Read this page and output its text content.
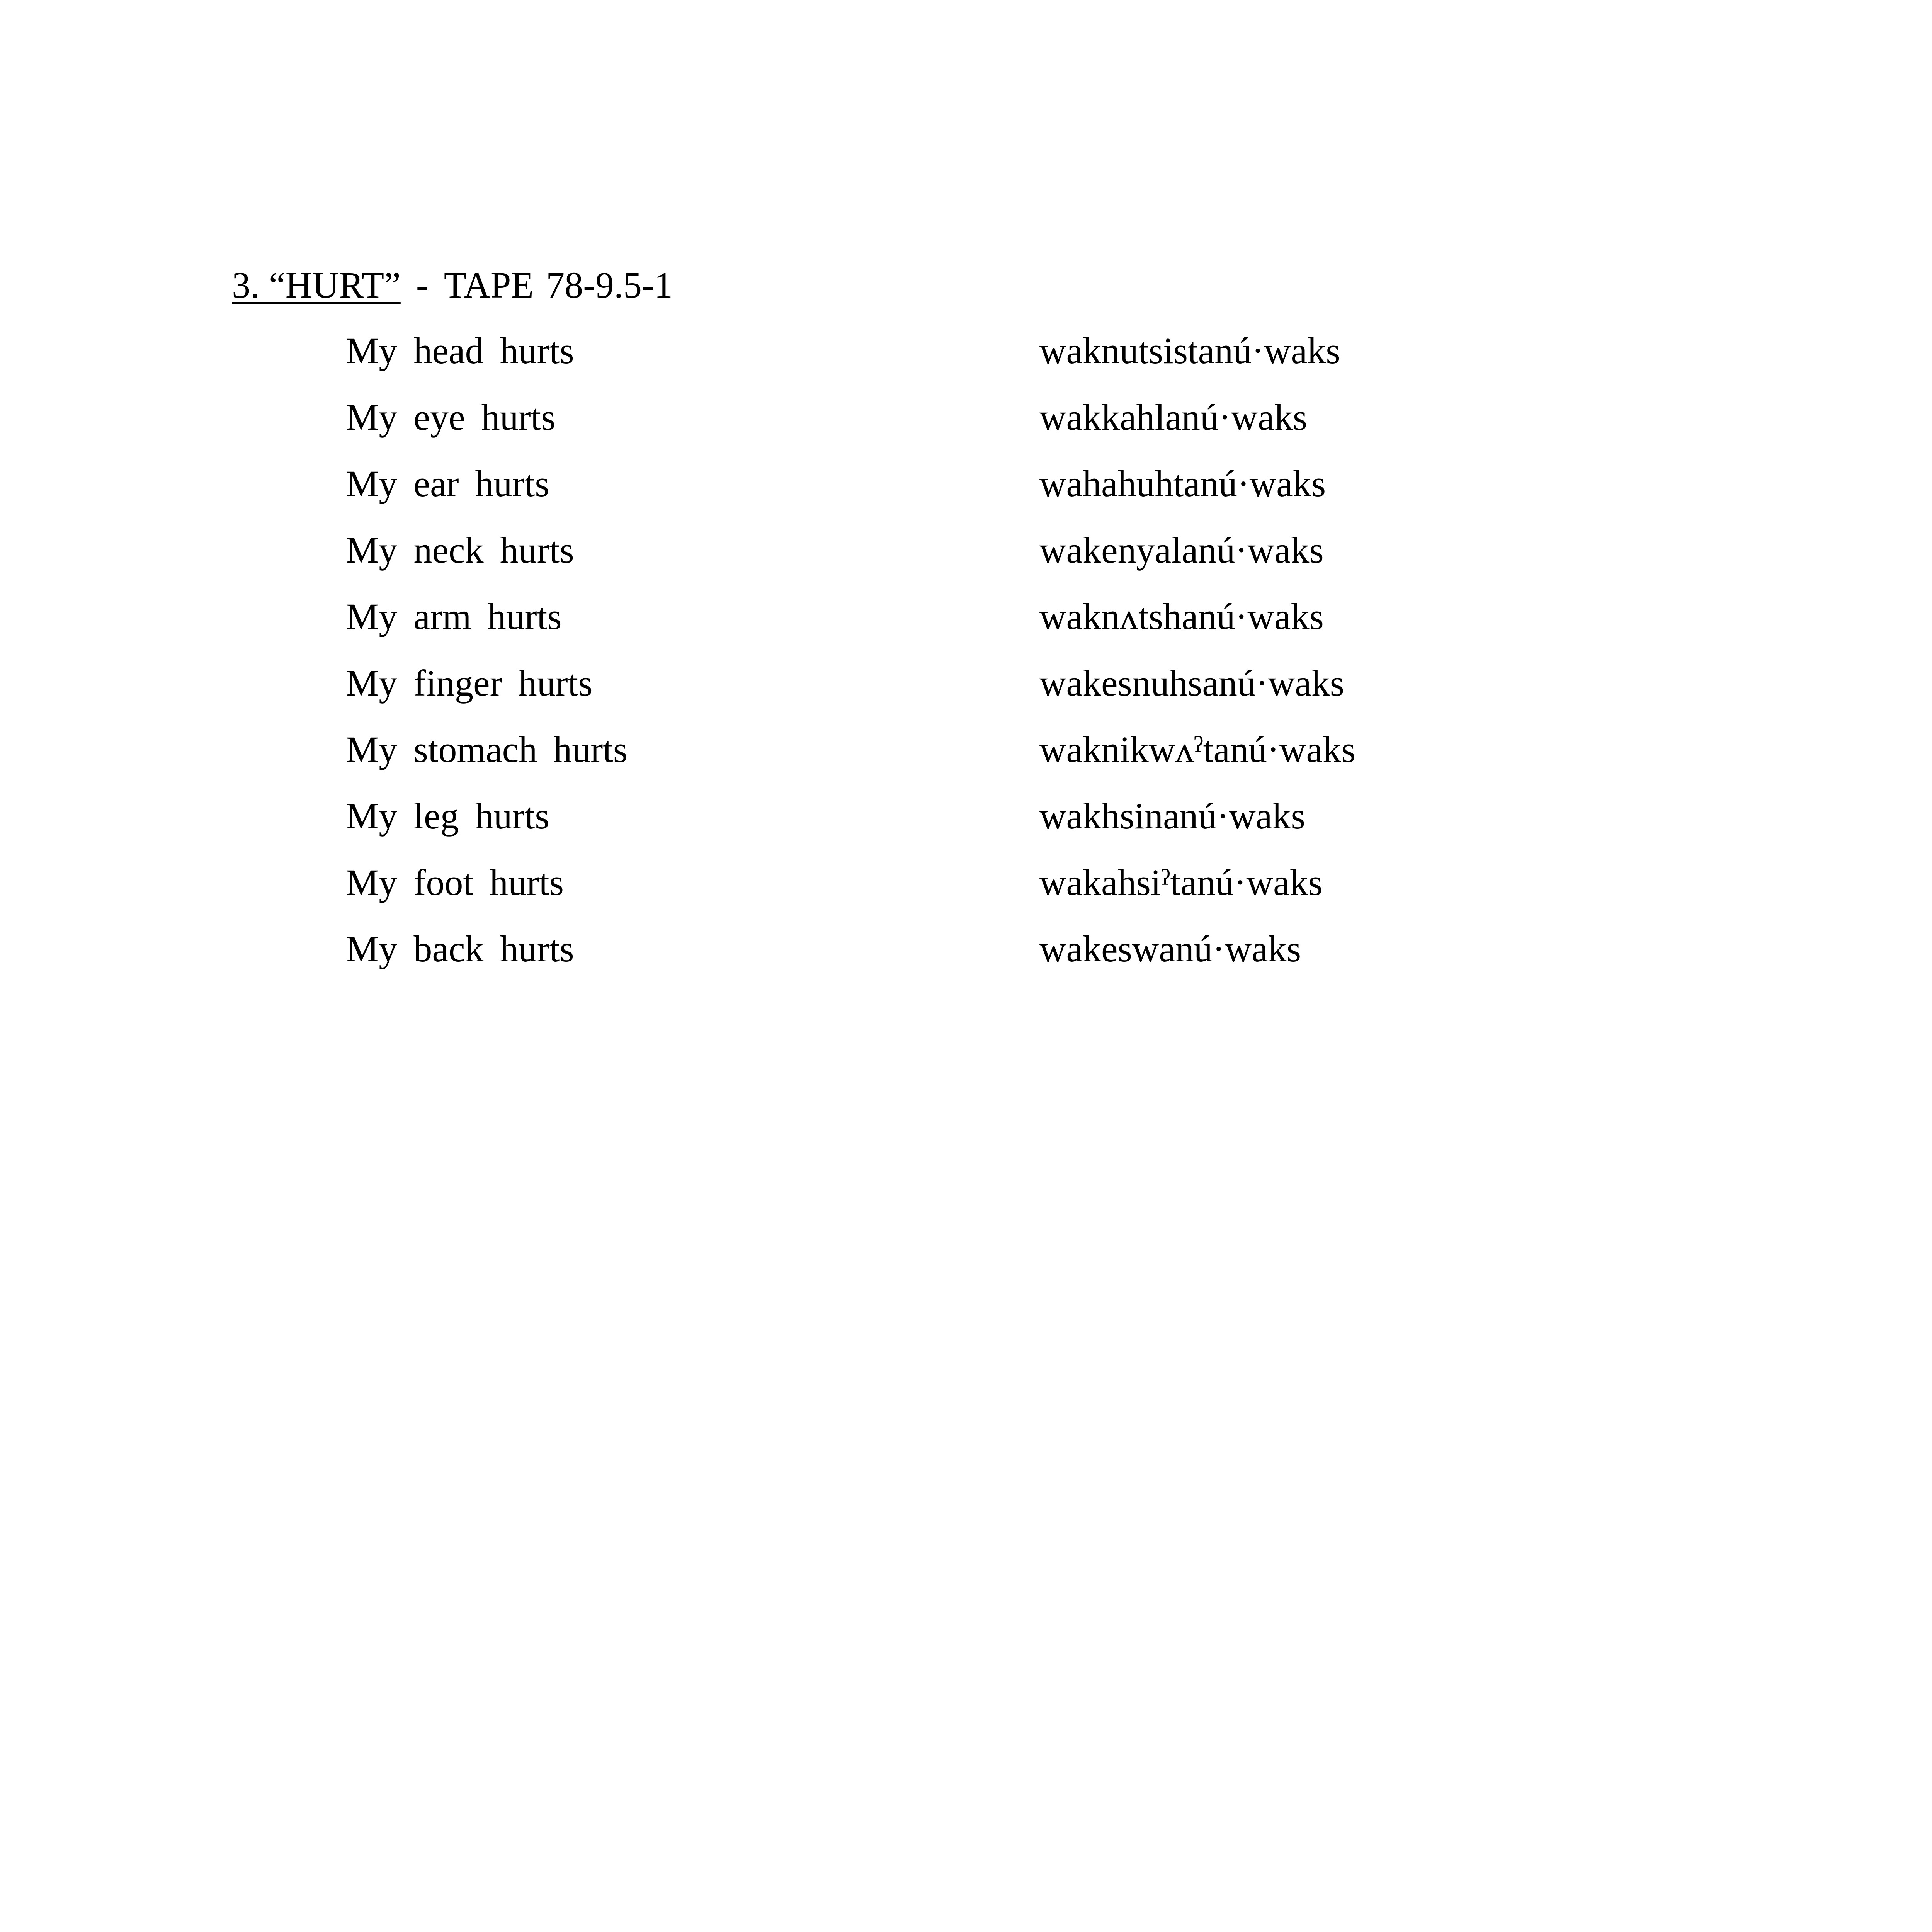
3. “HURT” - TAPE 78-9.5-1
My head hurts	waknutsistanú·waks
My eye hurts	wakkahlanú·waks
My ear hurts	wahahuhtanú·waks
My neck hurts	wakenyalanú·waks
My arm hurts	waknʌtshanú·waks
My finger hurts	wakesnuhsanú·waks
My stomach hurts	waknikwʌˀtanú·waks
My leg hurts	wakhsinanú·waks
My foot hurts	wakahsiˀtanú·waks
My back hurts	wakeswanú·waks
